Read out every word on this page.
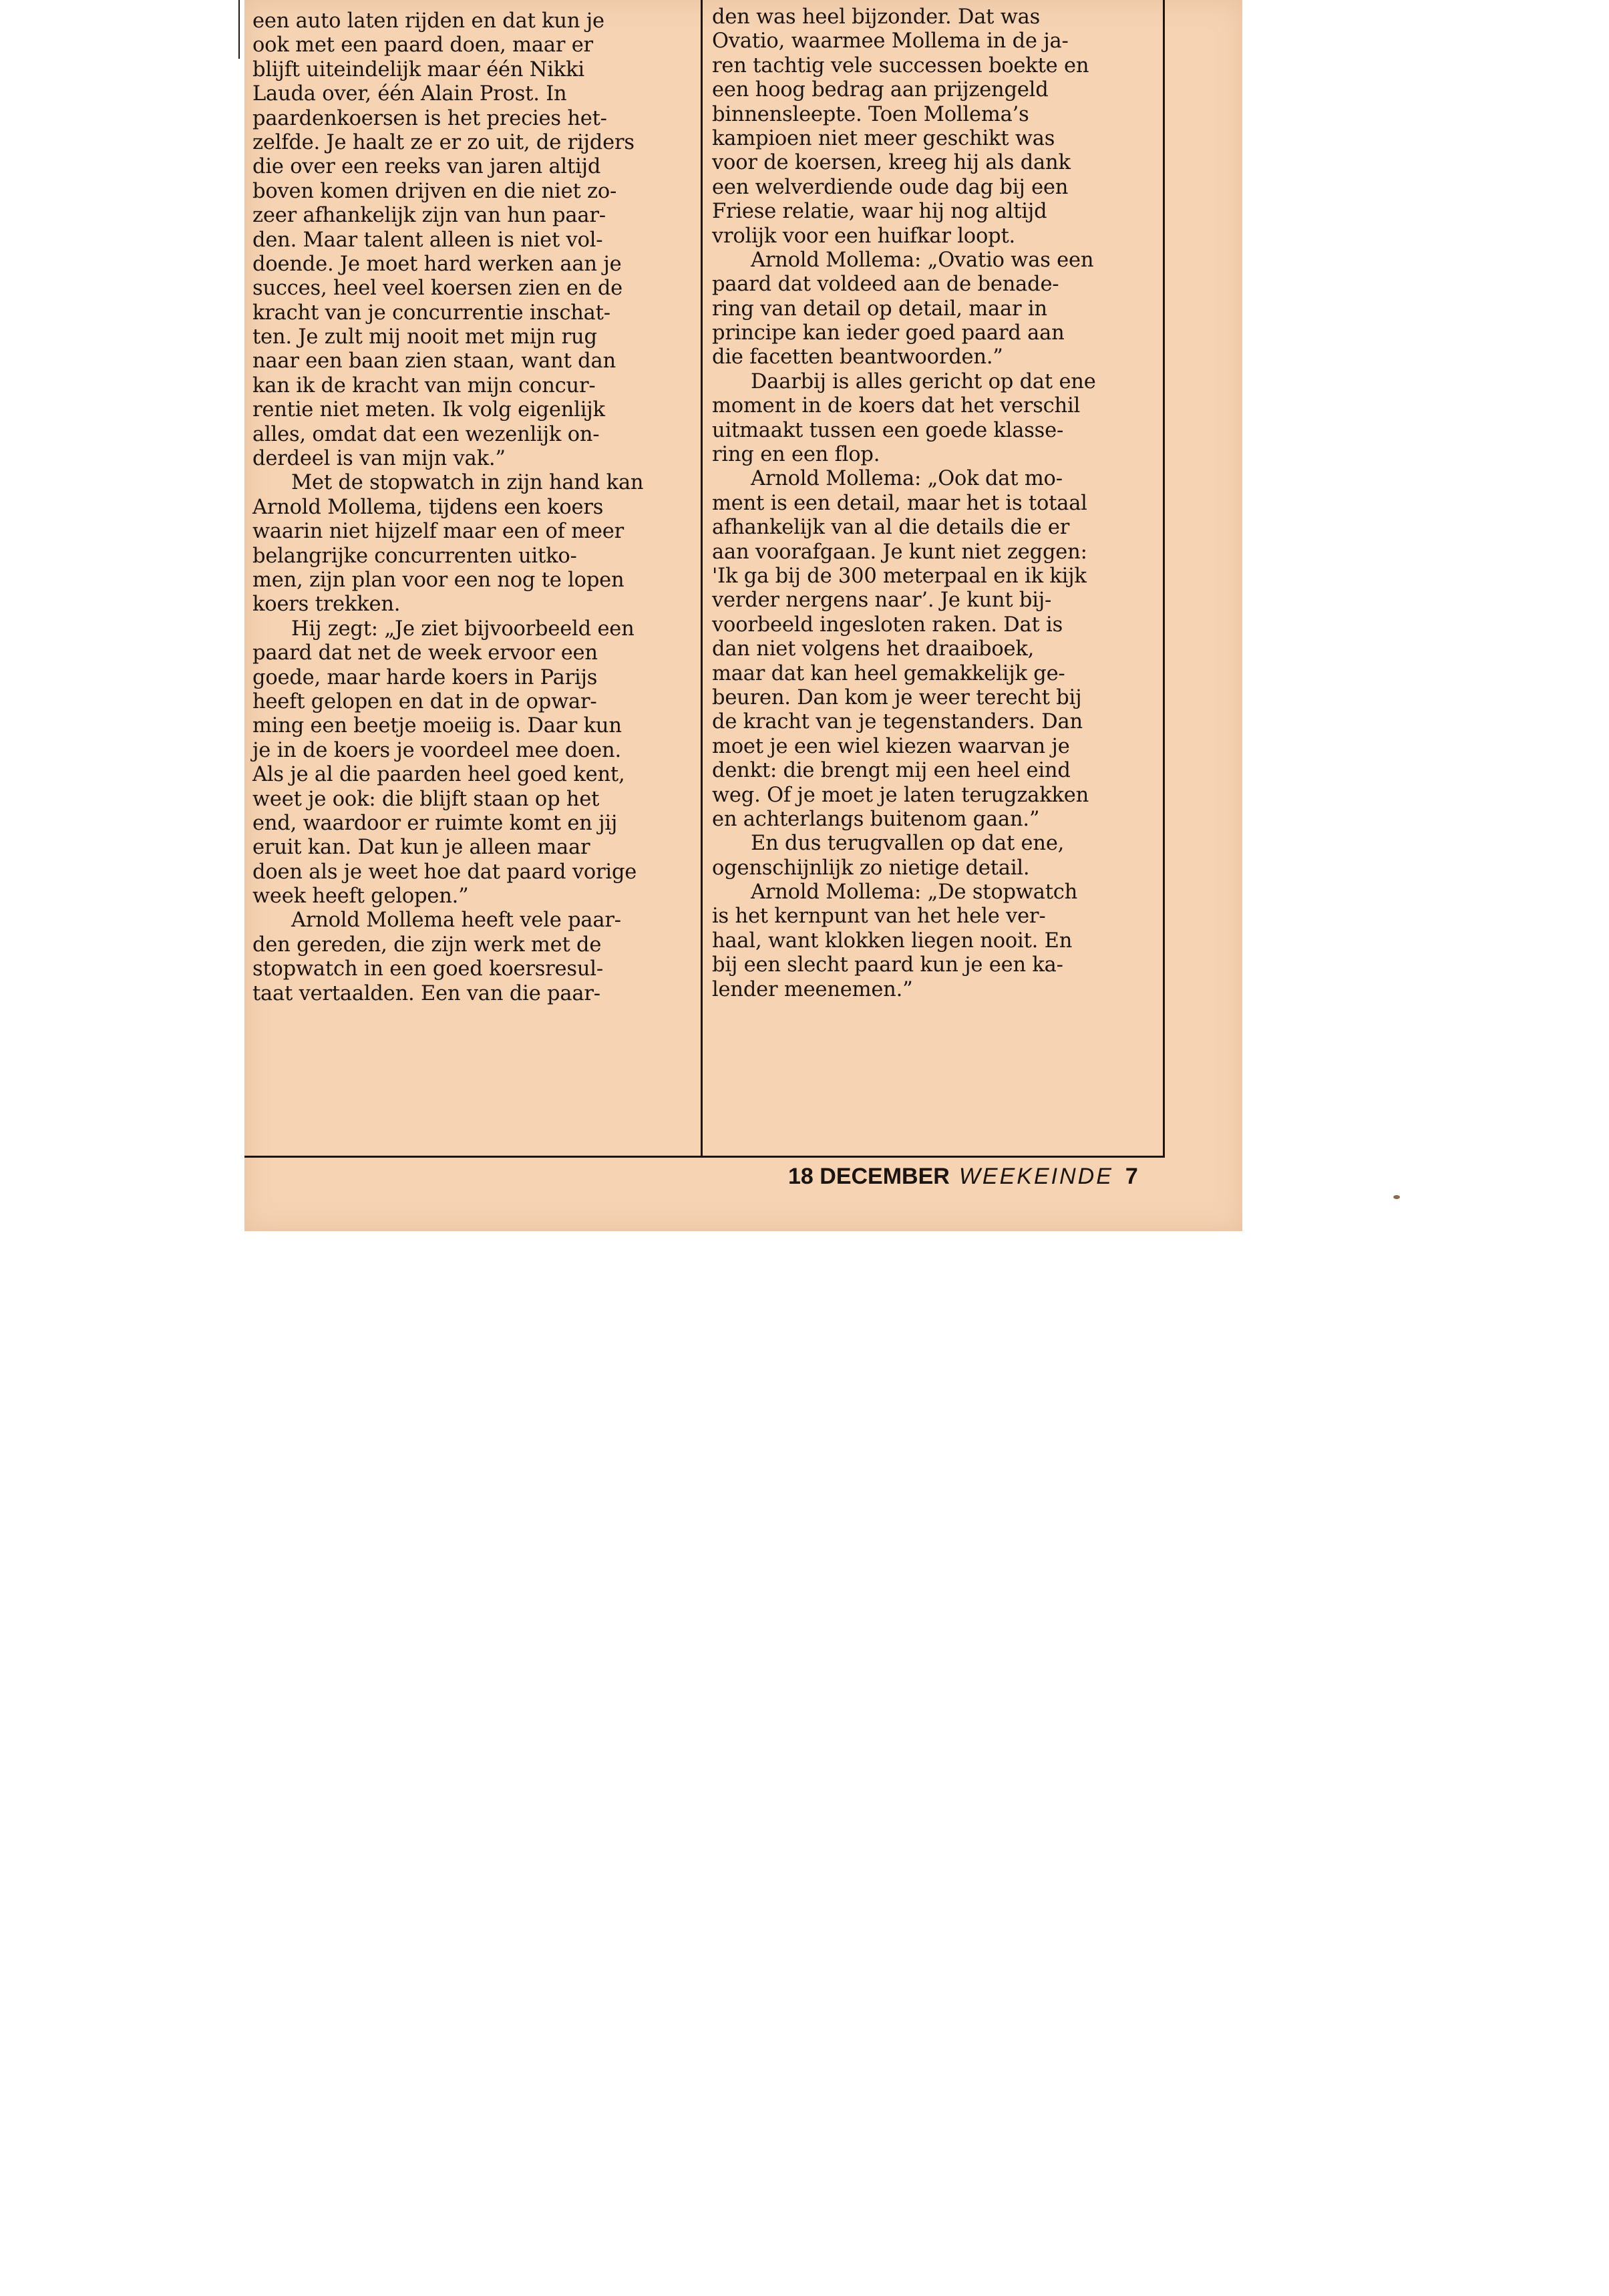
een auto laten rijden en dat kun je
ook met een paard doen, maar er
blijft uiteindelijk maar één Nikki
Lauda over, één Alain Prost. In
paardenkoersen is het precies het-
zelfde. Je haalt ze er zo uit, de rijders
die over een reeks van jaren altijd
boven komen drijven en die niet zo-
zeer afhankelijk zijn van hun paar-
den. Maar talent alleen is niet vol-
doende. Je moet hard werken aan je
succes, heel veel koersen zien en de
kracht van je concurrentie inschat-
ten. Je zult mij nooit met mijn rug
naar een baan zien staan, want dan
kan ik de kracht van mijn concur-
rentie niet meten. Ik volg eigenlijk
alles, omdat dat een wezenlijk on-
derdeel is van mijn vak.”
Met de stopwatch in zijn hand kan
Arnold Mollema, tijdens een koers
waarin niet hijzelf maar een of meer
belangrijke concurrenten uitko-
men, zijn plan voor een nog te lopen
koers trekken.
Hij zegt: „Je ziet bijvoorbeeld een
paard dat net de week ervoor een
goede, maar harde koers in Parijs
heeft gelopen en dat in de opwar-
ming een beetje moeiig is. Daar kun
je in de koers je voordeel mee doen.
Als je al die paarden heel goed kent,
weet je ook: die blijft staan op het
end, waardoor er ruimte komt en jij
eruit kan. Dat kun je alleen maar
doen als je weet hoe dat paard vorige
week heeft gelopen.”
Arnold Mollema heeft vele paar-
den gereden, die zijn werk met de
stopwatch in een goed koersresul-
taat vertaalden. Een van die paar-
den was heel bijzonder. Dat was
Ovatio, waarmee Mollema in de ja-
ren tachtig vele successen boekte en
een hoog bedrag aan prijzengeld
binnensleepte. Toen Mollema’s
kampioen niet meer geschikt was
voor de koersen, kreeg hij als dank
een welverdiende oude dag bij een
Friese relatie, waar hij nog altijd
vrolijk voor een huifkar loopt.
Arnold Mollema: „Ovatio was een
paard dat voldeed aan de benade-
ring van detail op detail, maar in
principe kan ieder goed paard aan
die facetten beantwoorden.”
Daarbij is alles gericht op dat ene
moment in de koers dat het verschil
uitmaakt tussen een goede klasse-
ring en een flop.
Arnold Mollema: „Ook dat mo-
ment is een detail, maar het is totaal
afhankelijk van al die details die er
aan voorafgaan. Je kunt niet zeggen:
'Ik ga bij de 300 meterpaal en ik kijk
verder nergens naar’. Je kunt bij-
voorbeeld ingesloten raken. Dat is
dan niet volgens het draaiboek,
maar dat kan heel gemakkelijk ge-
beuren. Dan kom je weer terecht bij
de kracht van je tegenstanders. Dan
moet je een wiel kiezen waarvan je
denkt: die brengt mij een heel eind
weg. Of je moet je laten terugzakken
en achterlangs buitenom gaan.”
En dus terugvallen op dat ene,
ogenschijnlijk zo nietige detail.
Arnold Mollema: „De stopwatch
is het kernpunt van het hele ver-
haal, want klokken liegen nooit. En
bij een slecht paard kun je een ka-
lender meenemen.”
18 DECEMBER WEEKEINDE 7
